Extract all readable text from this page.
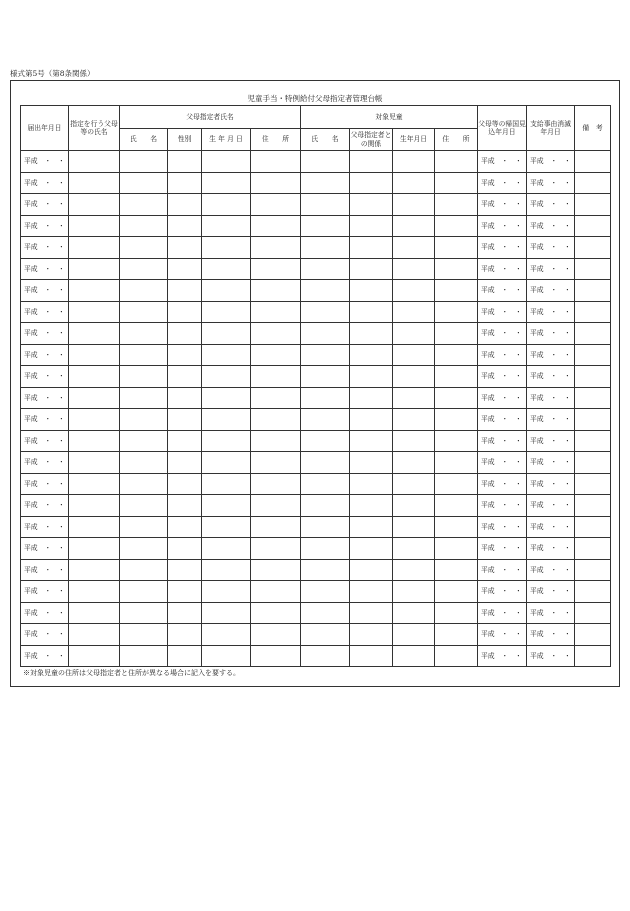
様式第5号（第8条関係）
児童手当・特例給付父母指定者管理台帳
届出年月日	指定を行う父母等の氏名	父母指定者氏名				対象児童				父母等の帰国見込年月日	支給事由消滅年月日	備　考
		氏　　名	性別	生 年 月 日	住　　所	氏　　名	父母指定者との関係	生年月日	住　　所			
平成　・　・										平成　・　・	平成　・　・	
平成　・　・										平成　・　・	平成　・　・	
平成　・　・										平成　・　・	平成　・　・	
平成　・　・										平成　・　・	平成　・　・	
平成　・　・										平成　・　・	平成　・　・	
平成　・　・										平成　・　・	平成　・　・	
平成　・　・										平成　・　・	平成　・　・	
平成　・　・										平成　・　・	平成　・　・	
平成　・　・										平成　・　・	平成　・　・	
平成　・　・										平成　・　・	平成　・　・	
平成　・　・										平成　・　・	平成　・　・	
平成　・　・										平成　・　・	平成　・　・	
平成　・　・										平成　・　・	平成　・　・	
平成　・　・										平成　・　・	平成　・　・	
平成　・　・										平成　・　・	平成　・　・	
平成　・　・										平成　・　・	平成　・　・	
平成　・　・										平成　・　・	平成　・　・	
平成　・　・										平成　・　・	平成　・　・	
平成　・　・										平成　・　・	平成　・　・	
平成　・　・										平成　・　・	平成　・　・	
平成　・　・										平成　・　・	平成　・　・	
平成　・　・										平成　・　・	平成　・　・	
平成　・　・										平成　・　・	平成　・　・	
平成　・　・										平成　・　・	平成　・　・	
※対象児童の住所は父母指定者と住所が異なる場合に記入を要する。
